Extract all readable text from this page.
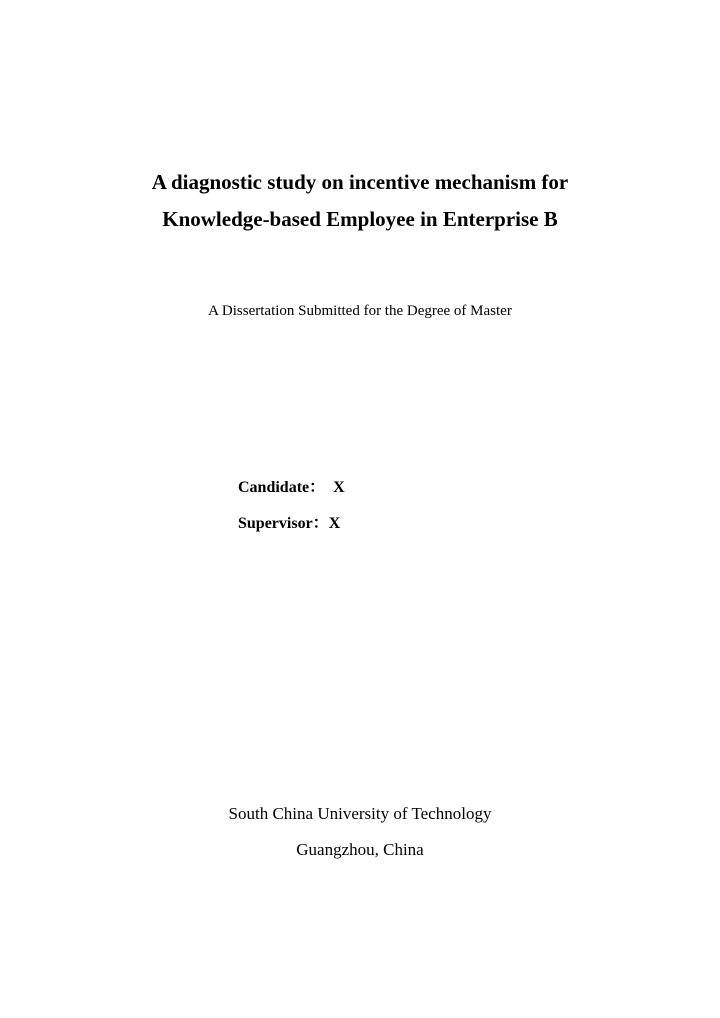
A diagnostic study on incentive mechanism for
Knowledge-based Employee in Enterprise B
A Dissertation Submitted for the Degree of Master
Candidate： X
Supervisor：X
South China University of Technology
Guangzhou, China
